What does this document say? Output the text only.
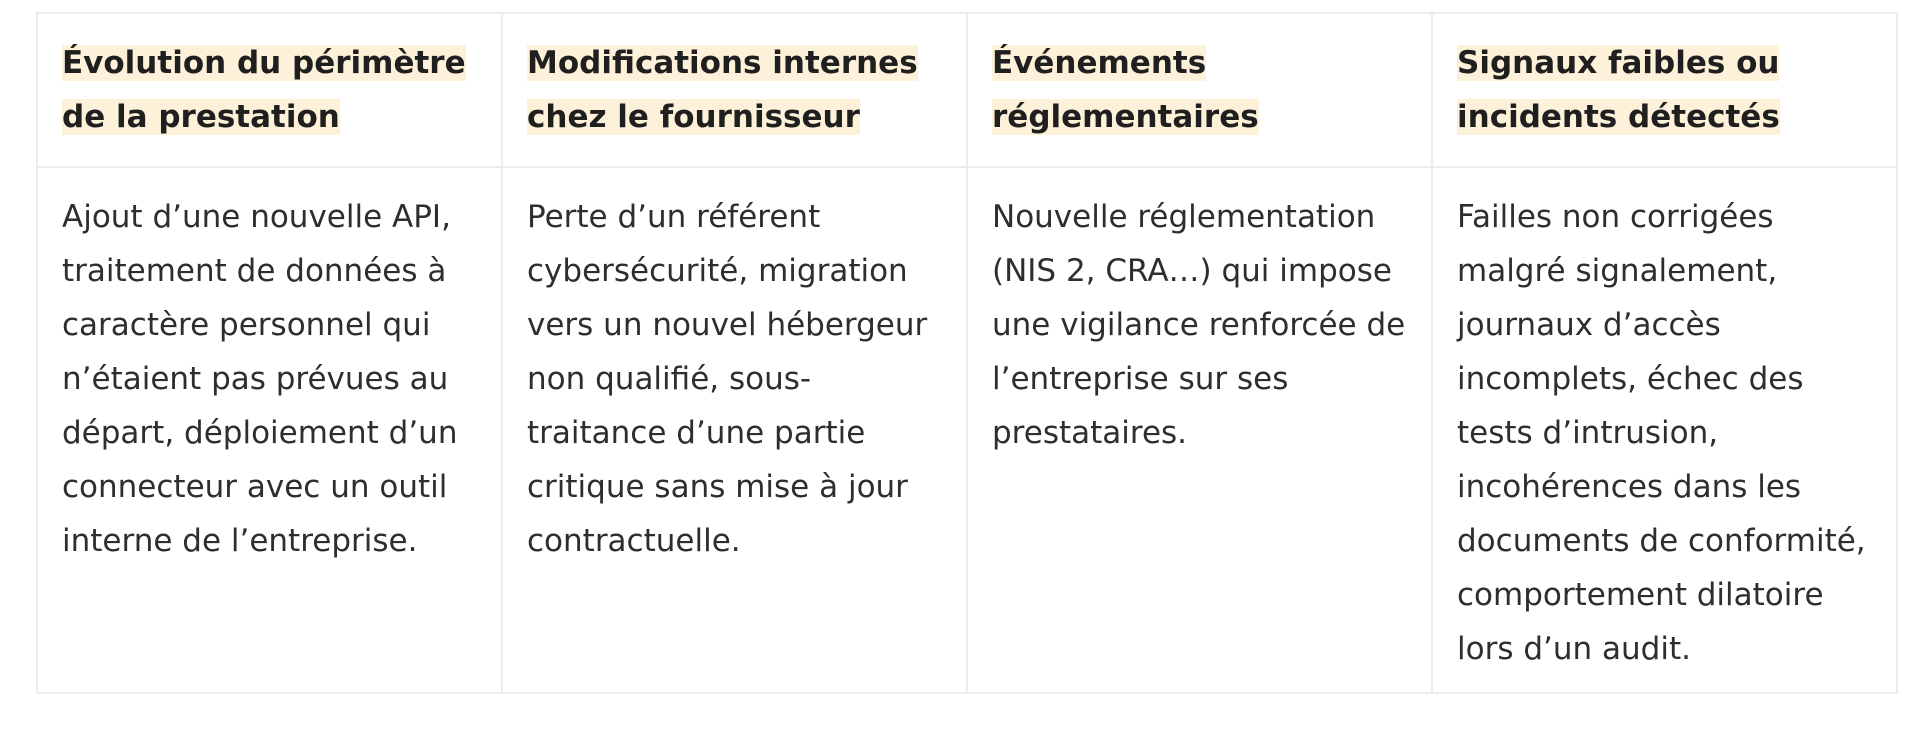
Évolution du périmètre de la prestation	Modifications internes chez le fournisseur	Événements réglementaires	Signaux faibles ou incidents détectés
Ajout d’une nouvelle API, traitement de données à caractère personnel qui n’étaient pas prévues au départ, déploiement d’un connecteur avec un outil interne de l’entreprise.	Perte d’un référent cybersécurité, migration vers un nouvel hébergeur non qualifié, sous-traitance d’une partie critique sans mise à jour contractuelle.	Nouvelle réglementation (NIS 2, CRA…) qui impose une vigilance renforcée de l’entreprise sur ses prestataires.	Failles non corrigées malgré signalement, journaux d’accès incomplets, échec des tests d’intrusion, incohérences dans les documents de conformité, comportement dilatoire lors d’un audit.
